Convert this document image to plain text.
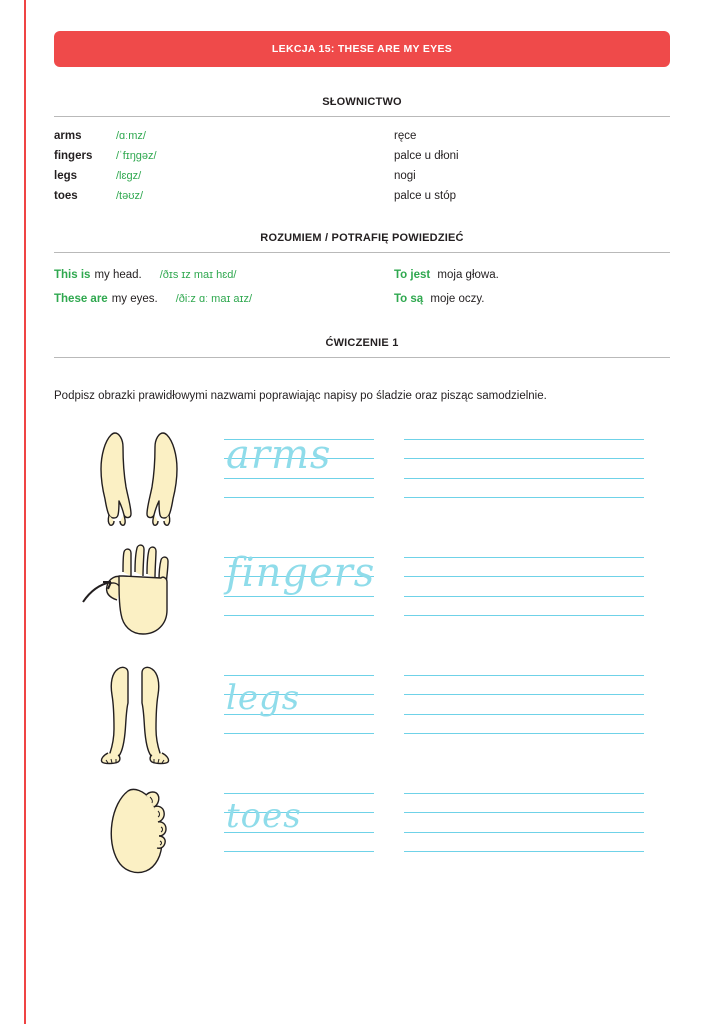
LEKCJA 15: THESE ARE MY EYES
SŁOWNICTWO
arms	/ɑːmz/	ręce
fingers	/ˈfɪŋɡəz/	palce u dłoni
legs	/lɛgz/	nogi
toes	/təʊz/	palce u stóp
ROZUMIEM / POTRAFIĘ POWIEDZIEĆ
This is my head. /ðɪs ɪz maɪ hɛd/	To jest moja głowa.
These are my eyes. /ði:z ɑː maɪ aɪz/	To są moje oczy.
ĆWICZENIE 1
Podpisz obrazki prawidłowymi nazwami poprawiając napisy po śladzie oraz pisząc samodzielnie.
arms
fingers
legs
toes
